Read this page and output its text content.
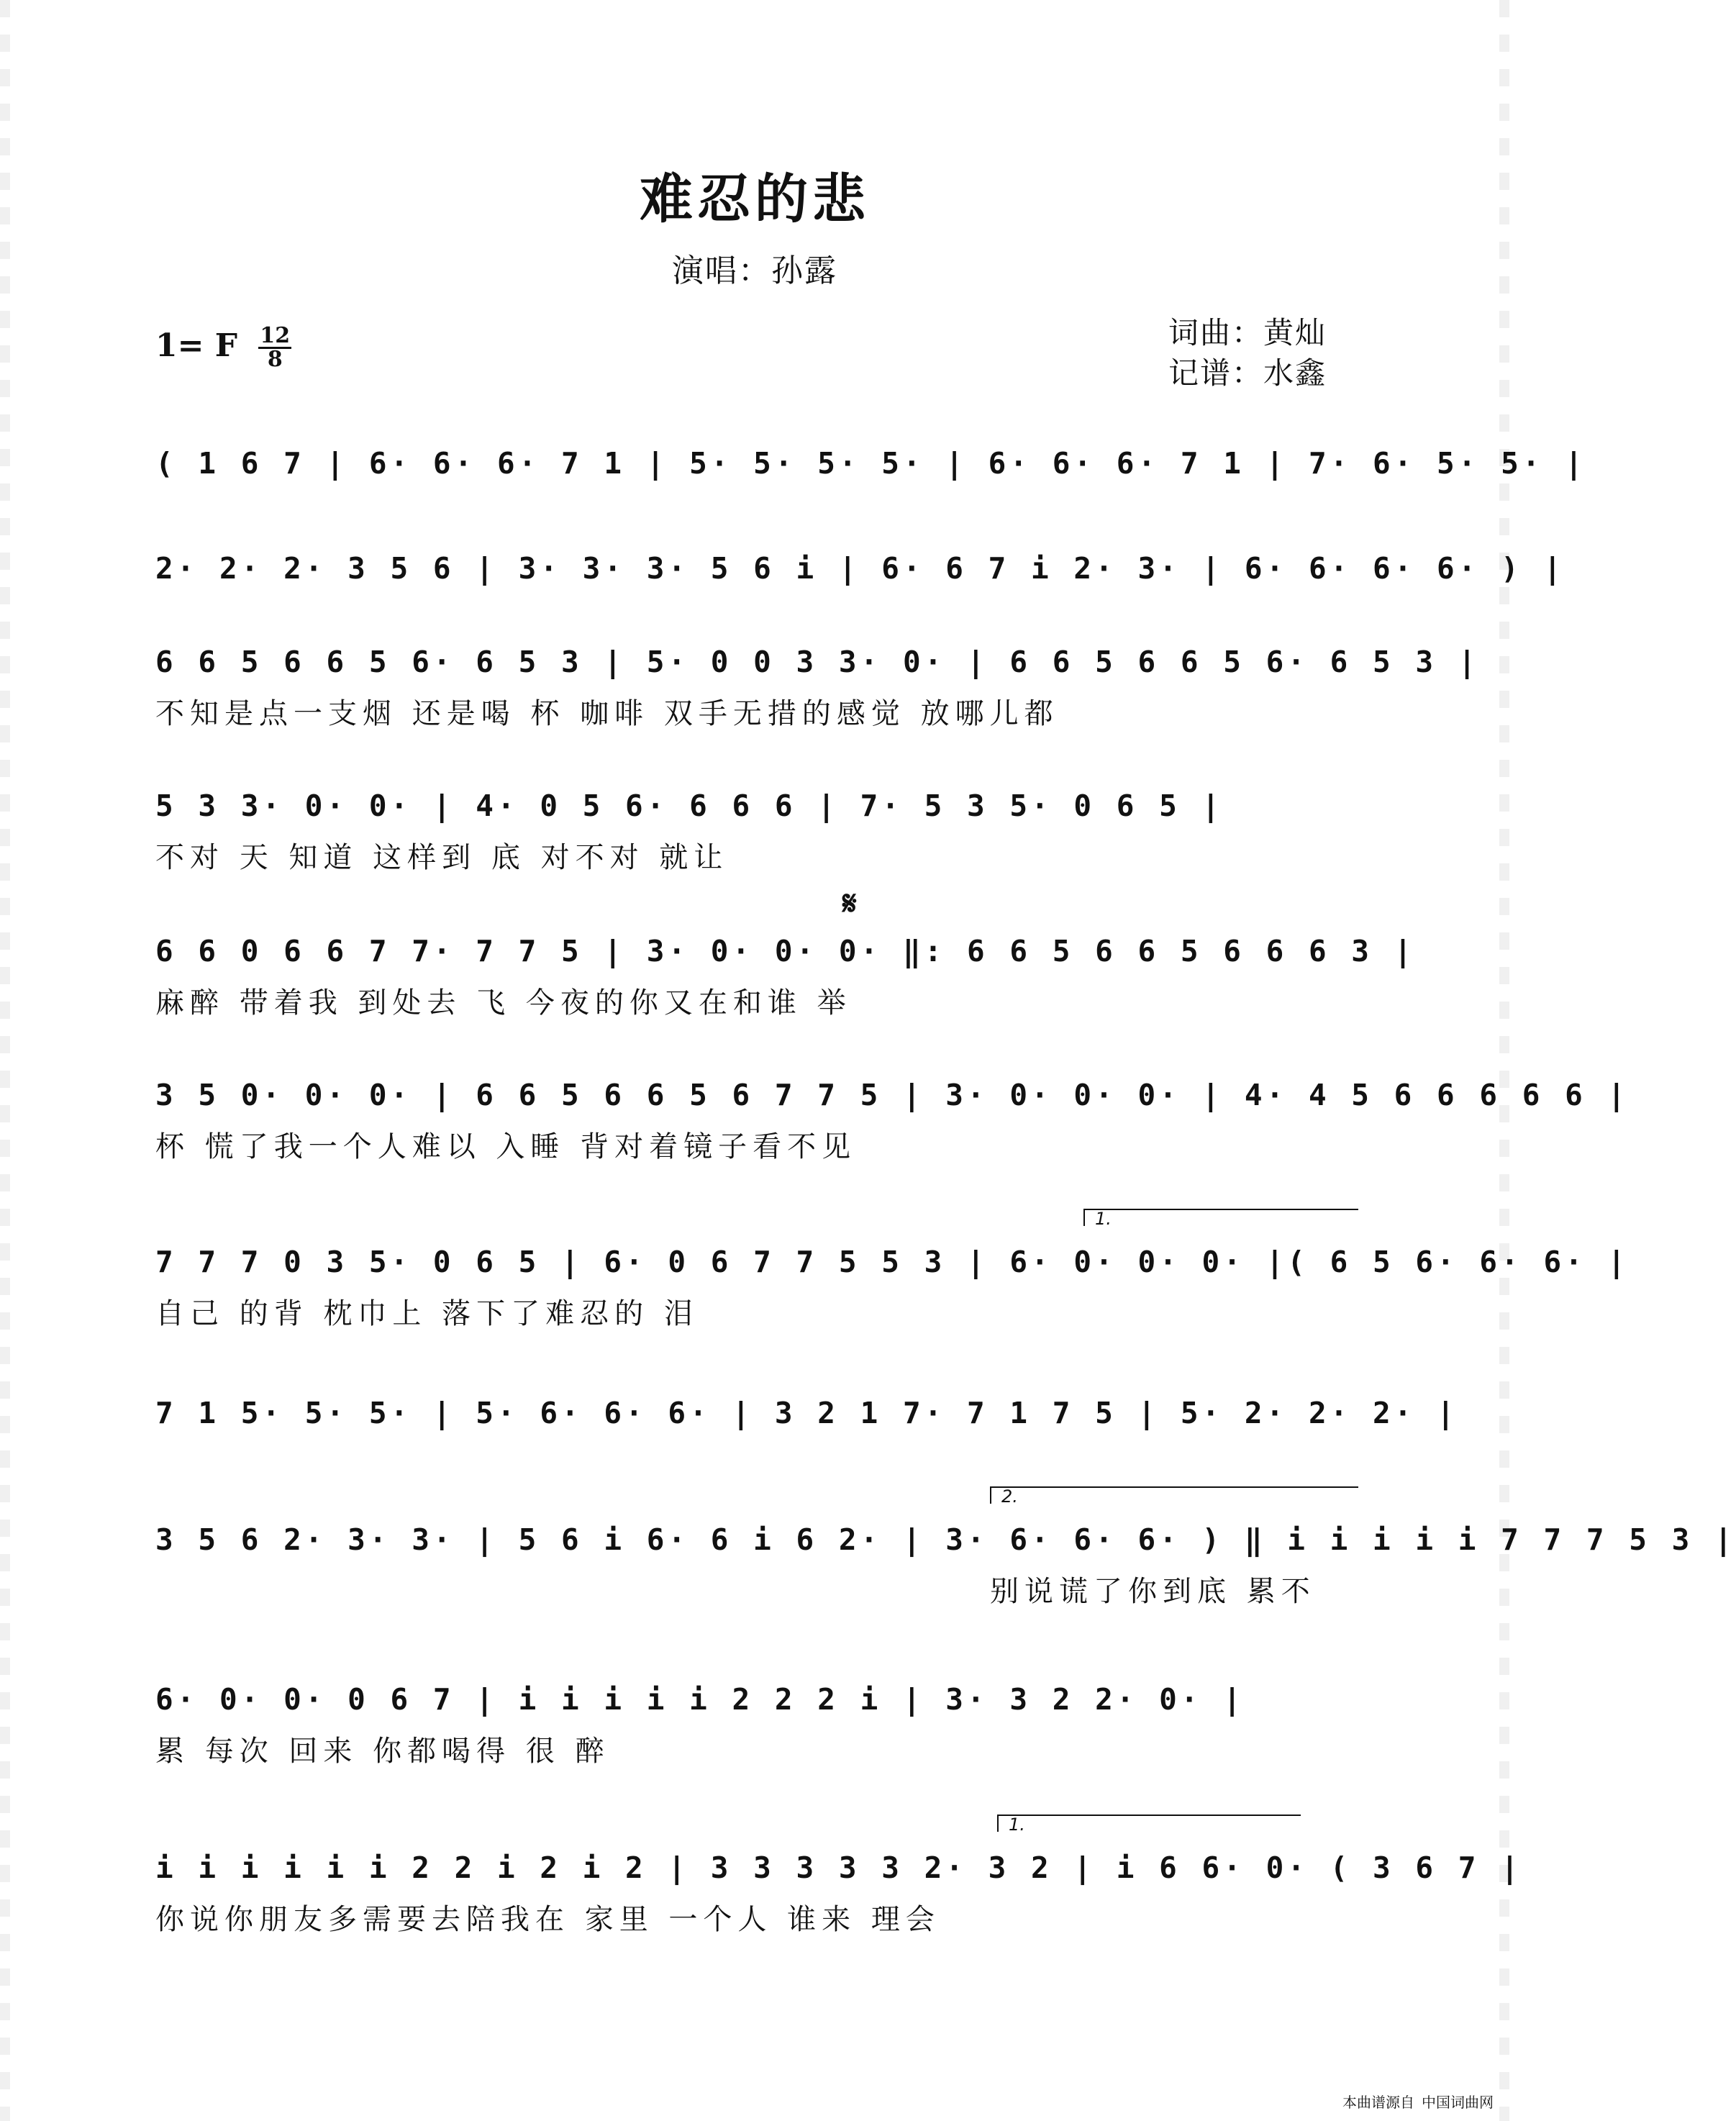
难忍的悲
演唱：孙露
1= F $\frac{12}{8}$	词曲：黄灿
记谱：水鑫
( 1 6 7 | 6· 6· 6· 7 1 | 5· 5· 5· 5· | 6· 6· 6· 7 1 | 7· 6· 5· 5· |
2· 2· 2· 3 5 6 | 3· 3· 3· 5 6 i | 6· 6 7 i 2· 3· | 6· 6· 6· 6· ) |
6 6 5 6 6 5 6· 6 5 3 | 5· 0 0 3 3· 0· | 6 6 5 6 6 5 6· 6 5 3 |
不知是点一支烟 还是喝 杯 咖啡 双手无措的感觉 放哪儿都
5 3 3· 0· 0· | 4· 0 5 6· 6 6 6 | 7· 5 3 5· 0 6 5 |
不对 天 知道 这样到 底 对不对 就让
𝄋
6 6 0 6 6 7 7· 7 7 5 | 3· 0· 0· 0· ‖: 6 6 5 6 6 5 6 6 6 3 |
麻醉 带着我 到处去 飞 今夜的你又在和谁 举
3 5 0· 0· 0· | 6 6 5 6 6 5 6 7 7 5 | 3· 0· 0· 0· | 4· 4 5 6 6 6 6 6 |
杯 慌了我一个人难以 入睡 背对着镜子看不见
1.
7 7 7 0 3 5· 0 6 5 | 6· 0 6 7 7 5 5 3 | 6· 0· 0· 0· |( 6 5 6· 6· 6· |
自己 的背 枕巾上 落下了难忍的 泪
7 1 5· 5· 5· | 5· 6· 6· 6· | 3 2 1 7· 7 1 7 5 | 5· 2· 2· 2· |
2.
3 5 6 2· 3· 3· | 5 6 i 6· 6 i 6 2· | 3· 6· 6· 6· ) ‖ i i i i i 7 7 7 5 3 |
别说谎了你到底 累不
6· 0· 0· 0 6 7 | i i i i i 2 2 2 i | 3· 3 2 2· 0· |
累 每次 回来 你都喝得 很 醉
1.
i i i i i i 2 2 i 2 i 2 | 3 3 3 3 3 2· 3 2 | i 6 6· 0· ( 3 6 7 |
你说你朋友多需要去陪我在 家里 一个人 谁来 理会
本曲谱源自 中国词曲网
